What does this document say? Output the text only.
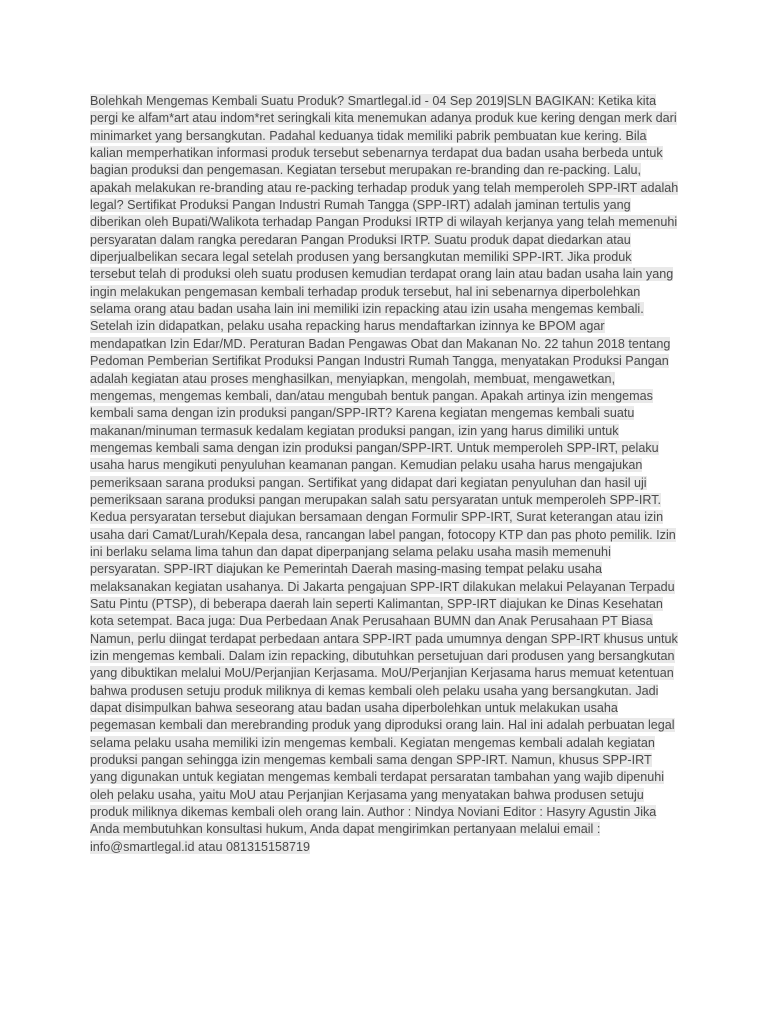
Bolehkah Mengemas Kembali Suatu Produk? Smartlegal.id - 04 Sep 2019|SLN BAGIKAN: Ketika kita pergi ke alfam*art atau indom*ret seringkali kita menemukan adanya produk kue kering dengan merk dari minimarket yang bersangkutan. Padahal keduanya tidak memiliki pabrik pembuatan kue kering. Bila kalian memperhatikan informasi produk tersebut sebenarnya terdapat dua badan usaha berbeda untuk bagian produksi dan pengemasan. Kegiatan tersebut merupakan re-branding dan re-packing. Lalu, apakah melakukan re-branding atau re-packing terhadap produk yang telah memperoleh SPP-IRT adalah legal? Sertifikat Produksi Pangan Industri Rumah Tangga (SPP-IRT) adalah jaminan tertulis yang diberikan oleh Bupati/Walikota terhadap Pangan Produksi IRTP di wilayah kerjanya yang telah memenuhi persyaratan dalam rangka peredaran Pangan Produksi IRTP. Suatu produk dapat diedarkan atau diperjualbelikan secara legal setelah produsen yang bersangkutan memiliki SPP-IRT. Jika produk tersebut telah di produksi oleh suatu produsen kemudian terdapat orang lain atau badan usaha lain yang ingin melakukan pengemasan kembali terhadap produk tersebut, hal ini sebenarnya diperbolehkan selama orang atau badan usaha lain ini memiliki izin repacking atau izin usaha mengemas kembali. Setelah izin didapatkan, pelaku usaha repacking harus mendaftarkan izinnya ke BPOM agar mendapatkan Izin Edar/MD. Peraturan Badan Pengawas Obat dan Makanan No. 22 tahun 2018 tentang Pedoman Pemberian Sertifikat Produksi Pangan Industri Rumah Tangga, menyatakan Produksi Pangan adalah kegiatan atau proses menghasilkan, menyiapkan, mengolah, membuat, mengawetkan, mengemas, mengemas kembali, dan/atau mengubah bentuk pangan. Apakah artinya izin mengemas kembali sama dengan izin produksi pangan/SPP-IRT? Karena kegiatan mengemas kembali suatu makanan/minuman termasuk kedalam kegiatan produksi pangan, izin yang harus dimiliki untuk mengemas kembali sama dengan izin produksi pangan/SPP-IRT. Untuk memperoleh SPP-IRT, pelaku usaha harus mengikuti penyuluhan keamanan pangan. Kemudian pelaku usaha harus mengajukan pemeriksaan sarana produksi pangan. Sertifikat yang didapat dari kegiatan penyuluhan dan hasil uji pemeriksaan sarana produksi pangan merupakan salah satu persyaratan untuk memperoleh SPP-IRT. Kedua persyaratan tersebut diajukan bersamaan dengan Formulir SPP-IRT, Surat keterangan atau izin usaha dari Camat/Lurah/Kepala desa, rancangan label pangan, fotocopy KTP dan pas photo pemilik. Izin ini berlaku selama lima tahun dan dapat diperpanjang selama pelaku usaha masih memenuhi persyaratan. SPP-IRT diajukan ke Pemerintah Daerah masing-masing tempat pelaku usaha melaksanakan kegiatan usahanya. Di Jakarta pengajuan SPP-IRT dilakukan melakui Pelayanan Terpadu Satu Pintu (PTSP), di beberapa daerah lain seperti Kalimantan, SPP-IRT diajukan ke Dinas Kesehatan kota setempat. Baca juga: Dua Perbedaan Anak Perusahaan BUMN dan Anak Perusahaan PT Biasa Namun, perlu diingat terdapat perbedaan antara SPP-IRT pada umumnya dengan SPP-IRT khusus untuk izin mengemas kembali. Dalam izin repacking, dibutuhkan persetujuan dari produsen yang bersangkutan yang dibuktikan melalui MoU/Perjanjian Kerjasama. MoU/Perjanjian Kerjasama harus memuat ketentuan bahwa produsen setuju produk miliknya di kemas kembali oleh pelaku usaha yang bersangkutan. Jadi dapat disimpulkan bahwa seseorang atau badan usaha diperbolehkan untuk melakukan usaha pegemasan kembali dan merebranding produk yang diproduksi orang lain. Hal ini adalah perbuatan legal selama pelaku usaha memiliki izin mengemas kembali. Kegiatan mengemas kembali adalah kegiatan produksi pangan sehingga izin mengemas kembali sama dengan SPP-IRT. Namun, khusus SPP-IRT yang digunakan untuk kegiatan mengemas kembali terdapat persaratan tambahan yang wajib dipenuhi oleh pelaku usaha, yaitu MoU atau Perjanjian Kerjasama yang menyatakan bahwa produsen setuju produk miliknya dikemas kembali oleh orang lain. Author : Nindya Noviani Editor : Hasyry Agustin Jika Anda membutuhkan konsultasi hukum, Anda dapat mengirimkan pertanyaan melalui email : info@smartlegal.id atau 081315158719
